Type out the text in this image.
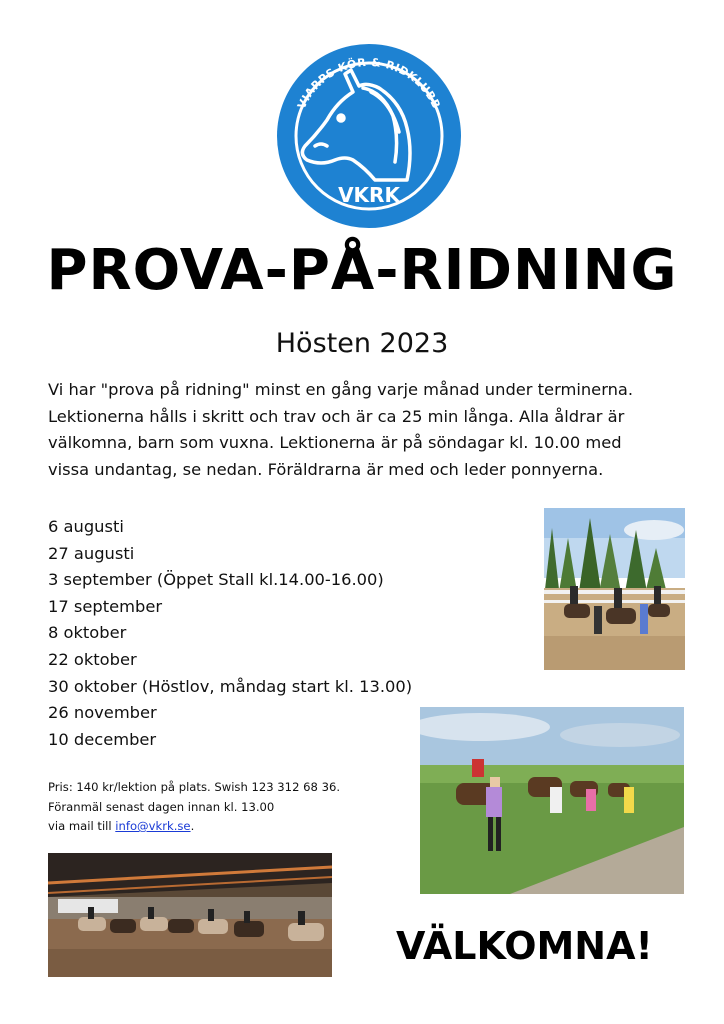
VIARPS KÖR & RIDKLUBB
VKRK
PROVA-PÅ-RIDNING
Hösten 2023

Vi har "prova på ridning" minst en gång varje månad under terminerna.

Lektionerna hålls i skritt och trav och är ca 25 min långa. Alla åldrar är

välkomna, barn som vuxna. Lektionerna är på söndagar kl. 10.00 med

vissa undantag, se nedan. Föräldrarna är med och leder ponnyerna.

6 augusti
27 augusti
3 september (Öppet Stall kl.14.00-16.00)
17 september
8 oktober
22 oktober
30 oktober (Höstlov, måndag start kl. 13.00)
26 november
10 december
Pris: 140 kr/lektion på plats. Swish 123 312 68 36.
Föranmäl senast dagen innan kl. 13.00
via mail till info@vkrk.se.
VÄLKOMNA!
